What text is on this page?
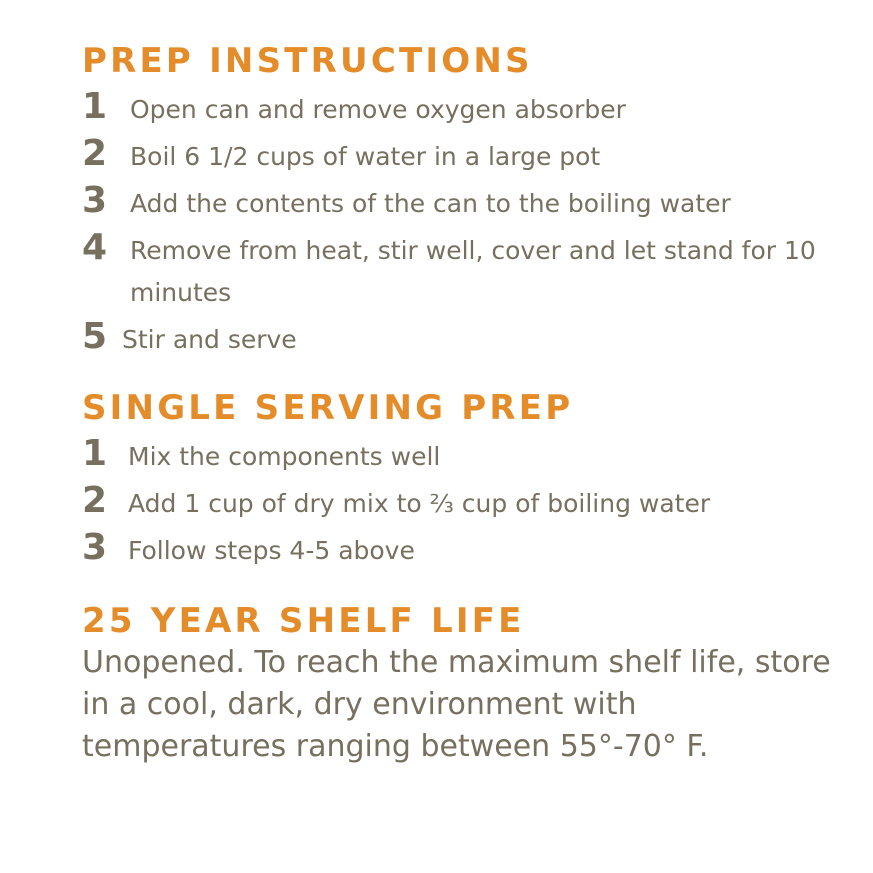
PREP INSTRUCTIONS
1 Open can and remove oxygen absorber
2 Boil 6 1/2 cups of water in a large pot
3 Add the contents of the can to the boiling water
4 Remove from heat, stir well, cover and let stand for 10 minutes
5 Stir and serve
SINGLE SERVING PREP
1 Mix the components well
2 Add 1 cup of dry mix to ⅔ cup of boiling water
3 Follow steps 4-5 above
25 YEAR SHELF LIFE

Unopened. To reach the maximum shelf life, store in a cool, dark, dry environment with temperatures ranging between 55°-70° F.
